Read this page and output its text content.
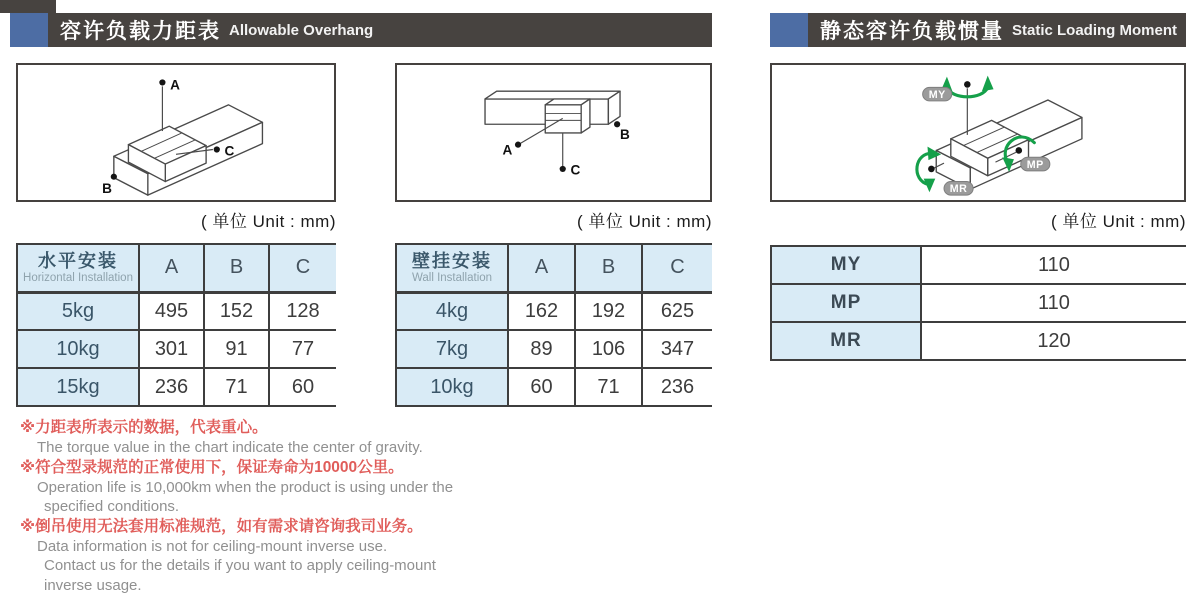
容许负载力距表 Allowable Overhang	静态容许负载惯量 Static Loading Moment
A
C
B
A
B
C
MY
MP
MR
( 单位 Unit : mm)	( 单位 Unit : mm)	( 单位 Unit : mm)
水平安装
Horizontal Installation	A	B	C
5kg	495	152	128
10kg	301	91	77
15kg	236	71	60
壁挂安装
Wall Installation	A	B	C
4kg	162	192	625
7kg	89	106	347
10kg	60	71	236
MY	110
MP	110
MR	120
※力距表所表示的数据，代表重心。
The torque value in the chart indicate the center of gravity.
※符合型录规范的正常使用下，保证寿命为10000公里。
Operation life is 10,000km when the product is using under the
specified conditions.
※倒吊使用无法套用标准规范，如有需求请咨询我司业务。
Data information is not for ceiling-mount inverse use.
Contact us for the details if you want to apply ceiling-mount
inverse usage.
